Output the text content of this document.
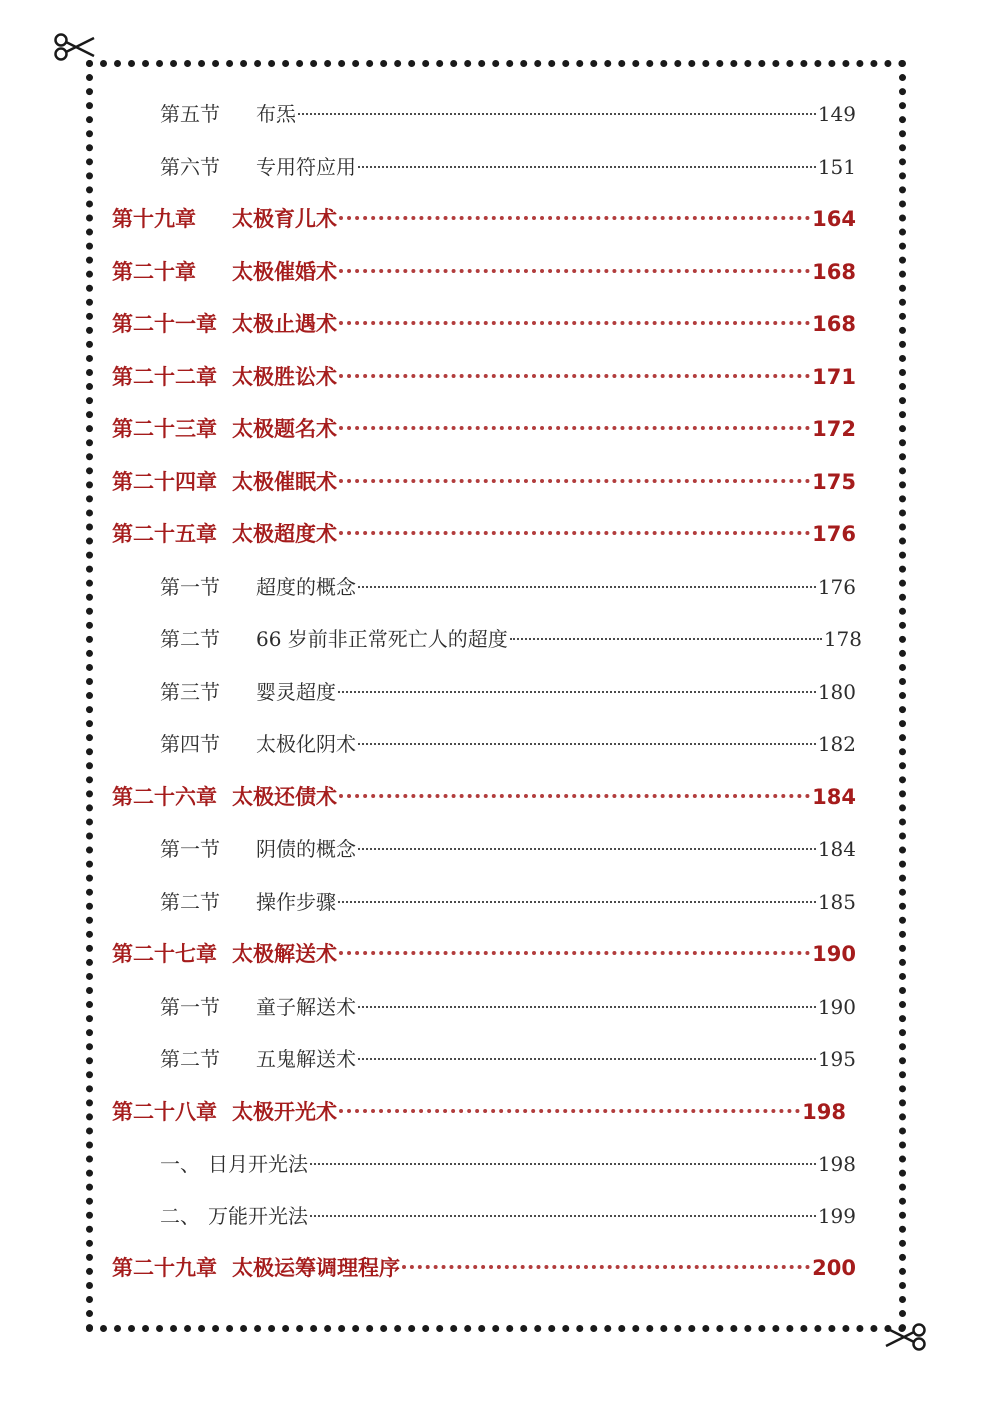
第五节	布炁	149
第六节	专用符应用	151
第十九章	太极育儿术	164
第二十章	太极催婚术	168
第二十一章 太极止遇术	168
第二十二章 太极胜讼术	171
第二十三章 太极题名术	172
第二十四章 太极催眠术	175
第二十五章 太极超度术	176
第一节	超度的概念	176
第二节	66 岁前非正常死亡人的超度	178
第三节	婴灵超度	180
第四节	太极化阴术	182
第二十六章 太极还债术	184
第一节	阴债的概念	184
第二节	操作步骤	185
第二十七章 太极解送术	190
第一节	童子解送术	190
第二节	五鬼解送术	195
第二十八章 太极开光术	198
一、 日月开光法	198
二、 万能开光法	199
第二十九章 太极运筹调理程序	200
